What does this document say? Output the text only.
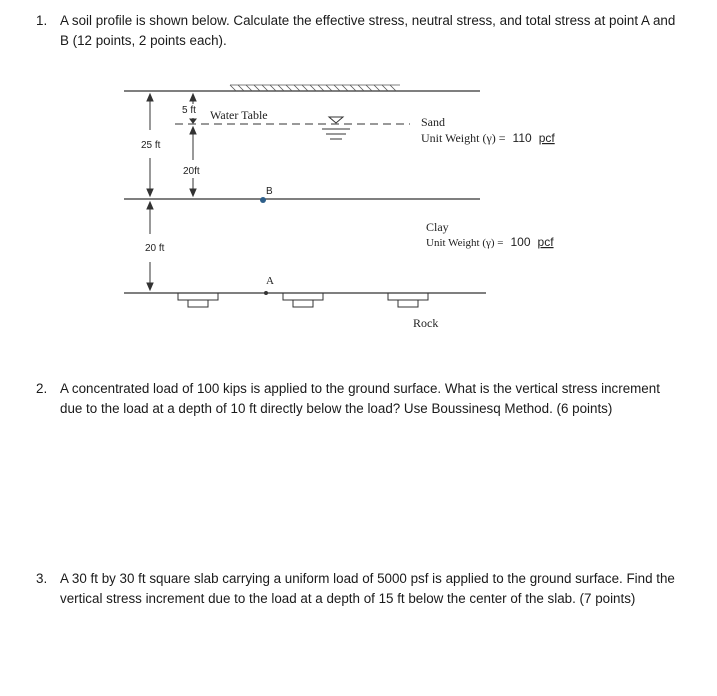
1. A soil profile is shown below. Calculate the effective stress, neutral stress, and total stress at point A and B (12 points, 2 points each).
25 ft
20 ft
5 ft
20ft
Water Table	Sand
Unit Weight (γ) = 110 pcf
B
Clay
Unit Weight (γ) = 100 pcf
A
Rock
2. A concentrated load of 100 kips is applied to the ground surface. What is the vertical stress increment due to the load at a depth of 10 ft directly below the load? Use Boussinesq Method. (6 points)
3. A 30 ft by 30 ft square slab carrying a uniform load of 5000 psf is applied to the ground surface. Find the vertical stress increment due to the load at a depth of 15 ft below the center of the slab. (7 points)
